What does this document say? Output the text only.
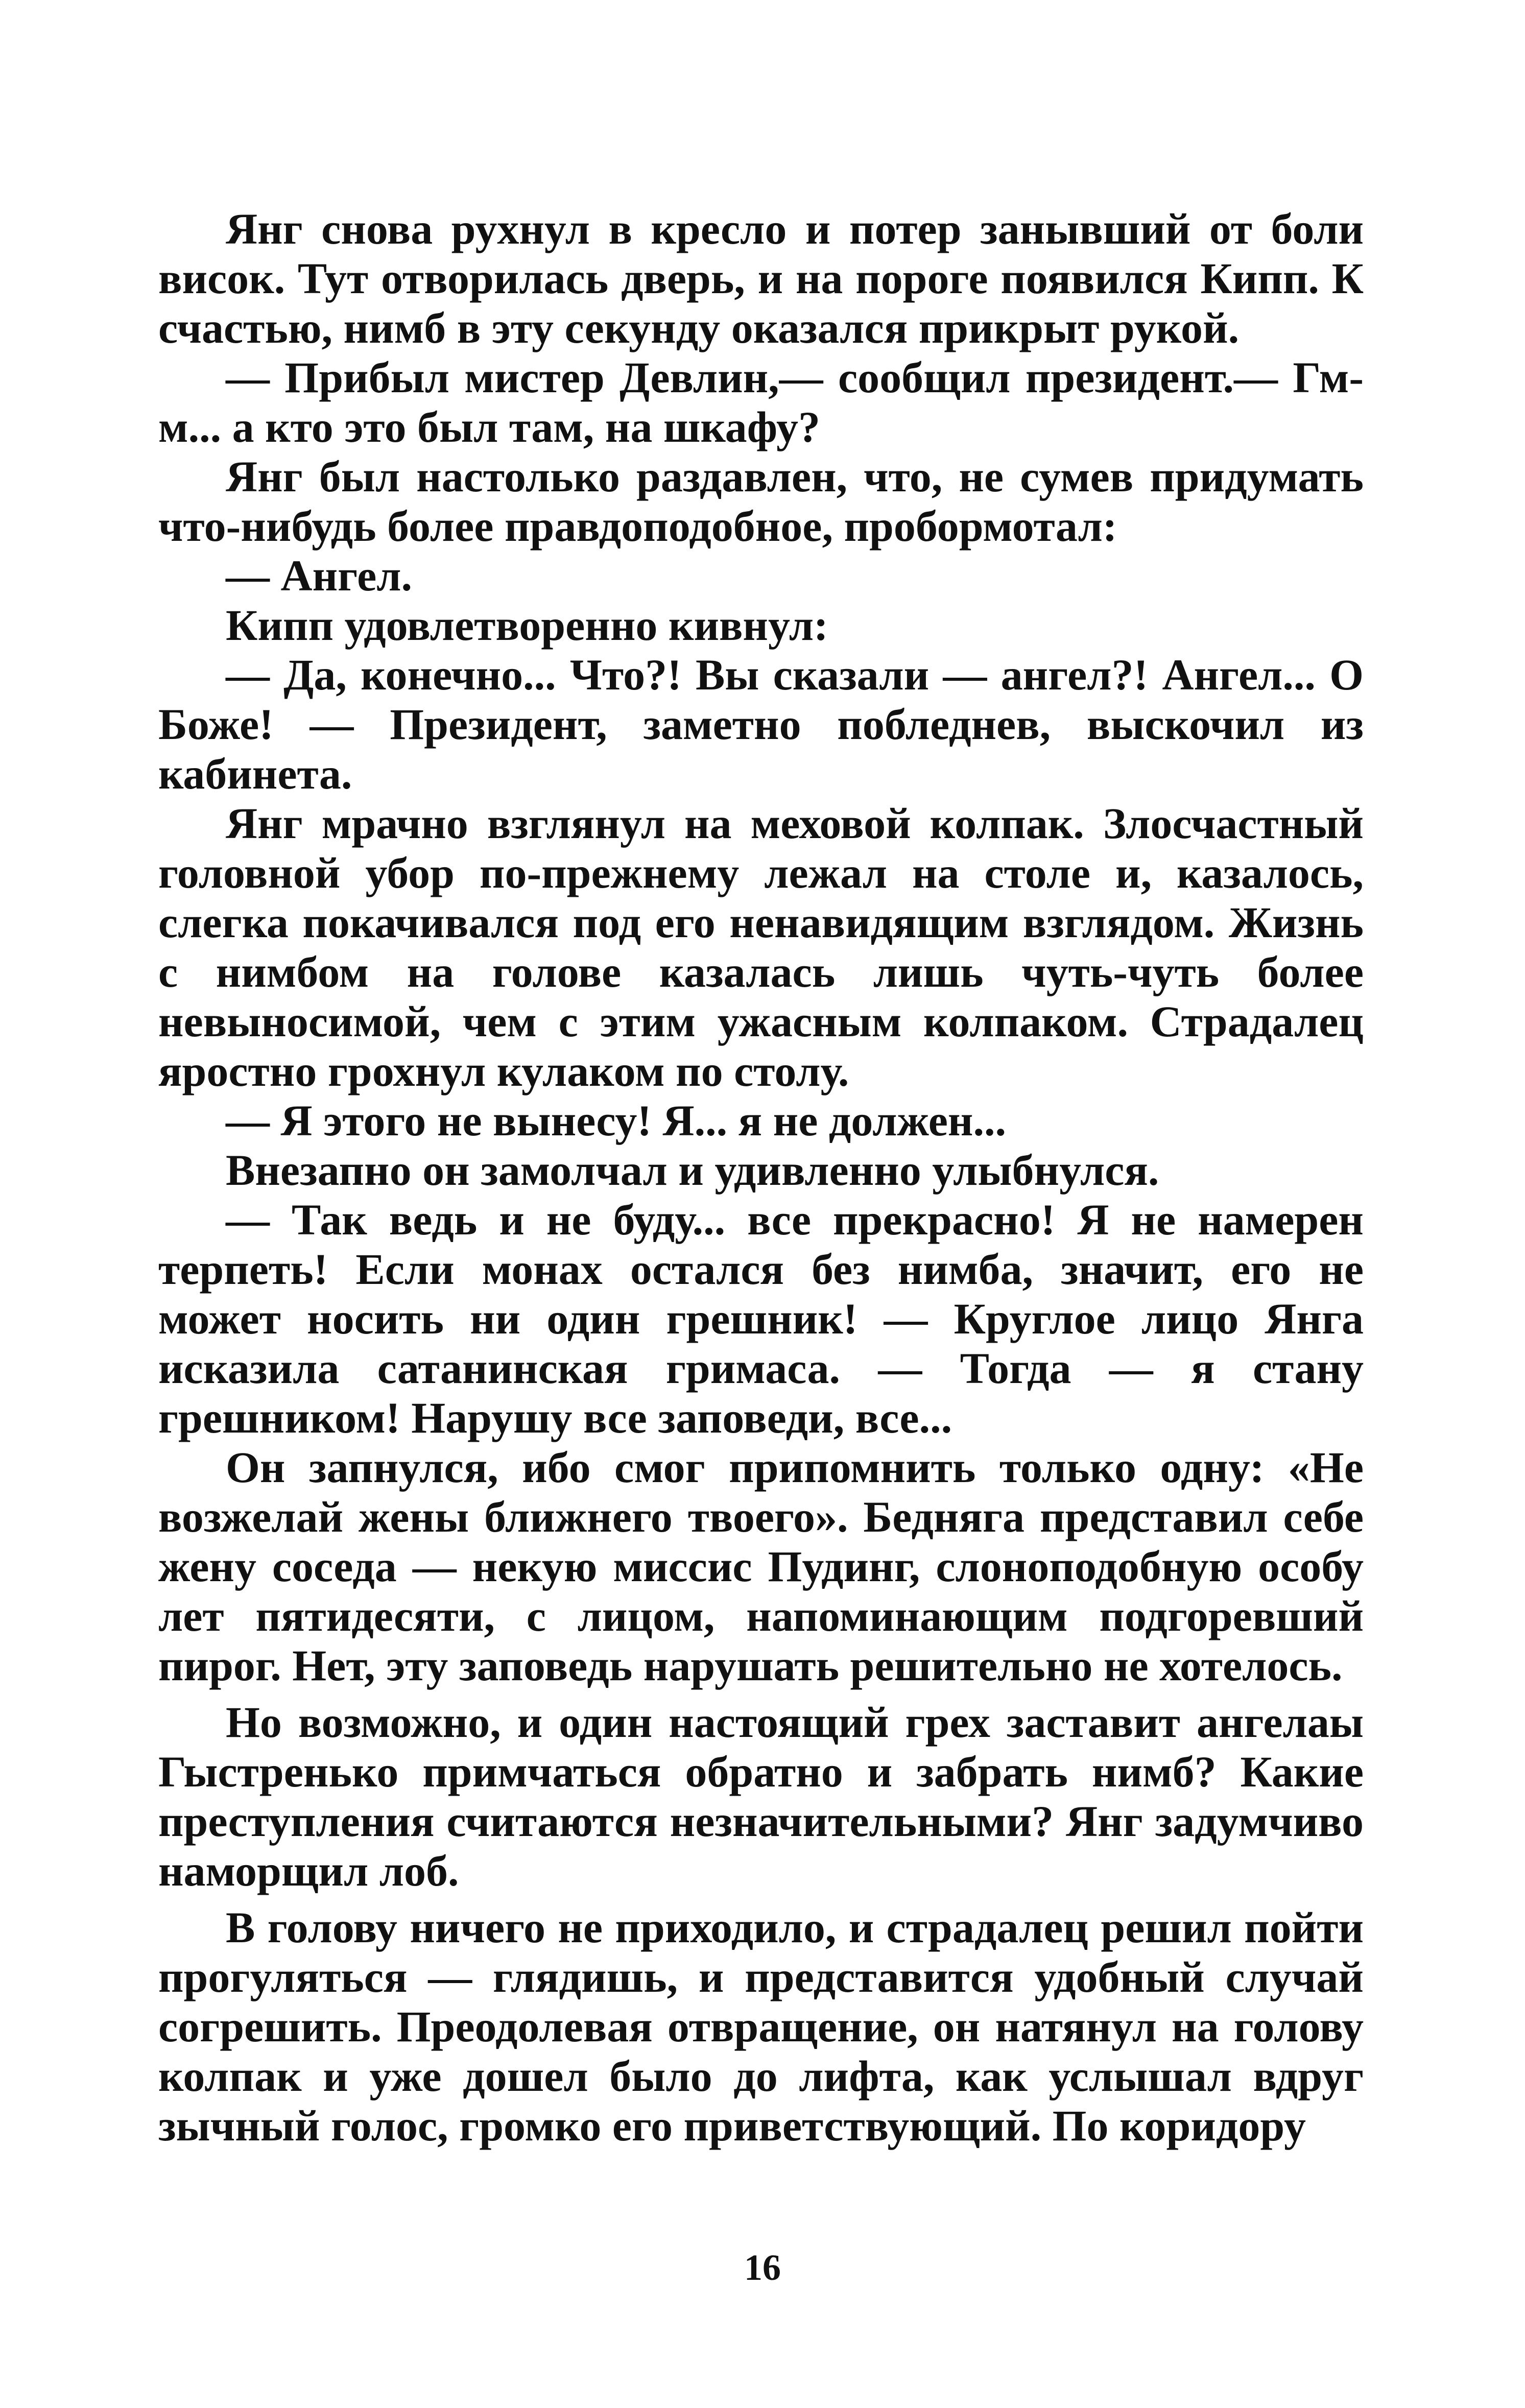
Янг снова рухнул в кресло и потер занывший от боли висок. Тут отворилась дверь, и на пороге появился Кипп. К счастью, нимб в эту секунду оказался прикрыт рукой.

— Прибыл мистер Девлин,— сообщил президент.— Гм-м... а кто это был там, на шкафу?

Янг был настолько раздавлен, что, не сумев придумать что-нибудь более правдоподобное, пробормотал:

— Ангел.

Кипп удовлетворенно кивнул:

— Да, конечно... Что?! Вы сказали — ангел?! Ангел... О Боже! — Президент, заметно побледнев, выскочил из кабинета.

Янг мрачно взглянул на меховой колпак. Злосчастный головной убор по-прежнему лежал на столе и, казалось, слегка покачивался под его ненавидящим взглядом. Жизнь с нимбом на голове казалась лишь чуть-чуть более невыносимой, чем с этим ужасным колпаком. Страдалец яростно грохнул кулаком по столу.

— Я этого не вынесу! Я... я не должен...

Внезапно он замолчал и удивленно улыбнулся.

— Так ведь и не буду... все прекрасно! Я не намерен терпеть! Если монах остался без нимба, значит, его не может носить ни один грешник! — Круглое лицо Янга исказила сатанинская гримаса. — Тогда — я стану грешником! Нарушу все заповеди, все...

Он запнулся, ибо смог припомнить только одну: «Не возжелай жены ближнего твоего». Бедняга представил себе жену соседа — некую миссис Пудинг, слоноподобную особу лет пятидесяти, с лицом, напоминающим подгоревший пирог. Нет, эту заповедь нарушать решительно не хотелось.

Но возможно, и один настоящий грех заставит ангелаы Гыстренько примчаться обратно и забрать нимб? Какие преступления считаются незначительными? Янг задумчиво наморщил лоб.

В голову ничего не приходило, и страдалец решил пойти прогуляться — глядишь, и представится удобный случай согрешить. Преодолевая отвращение, он натянул на голову колпак и уже дошел было до лифта, как услышал вдруг зычный голос, громко его приветствующий. По коридору

16
